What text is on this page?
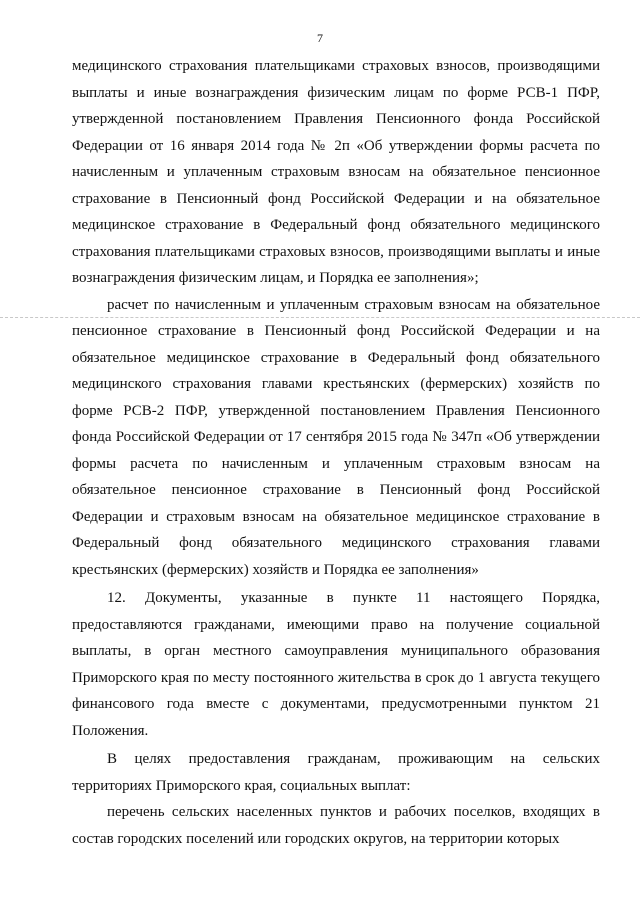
7

медицинского страхования плательщиками страховых взносов, производящими выплаты и иные вознаграждения физическим лицам по форме РСВ-1 ПФР, утвержденной постановлением Правления Пенсионного фонда Российской Федерации от 16 января 2014 года № 2п «Об утверждении формы расчета по начисленным и уплаченным страховым взносам на обязательное пенсионное страхование в Пенсионный фонд Российской Федерации и на обязательное медицинское страхование в Федеральный фонд обязательного медицинского страхования плательщиками страховых взносов, производящими выплаты и иные вознаграждения физическим лицам, и Порядка ее заполнения»;

расчет по начисленным и уплаченным страховым взносам на обязательное пенсионное страхование в Пенсионный фонд Российской Федерации и на обязательное медицинское страхование в Федеральный фонд обязательного медицинского страхования главами крестьянских (фермерских) хозяйств по форме РСВ-2 ПФР, утвержденной постановлением Правления Пенсионного фонда Российской Федерации от 17 сентября 2015 года № 347п «Об утверждении формы расчета по начисленным и уплаченным страховым взносам на обязательное пенсионное страхование в Пенсионный фонд Российской Федерации и страховым взносам на обязательное медицинское страхование в Федеральный фонд обязательного медицинского страхования главами крестьянских (фермерских) хозяйств и Порядка ее заполнения»

12. Документы, указанные в пункте 11 настоящего Порядка, предоставляются гражданами, имеющими право на получение социальной выплаты, в орган местного самоуправления муниципального образования Приморского края по месту постоянного жительства в срок до 1 августа текущего финансового года вместе с документами, предусмотренными пунктом 21 Положения.

В целях предоставления гражданам, проживающим на сельских территориях Приморского края, социальных выплат:

перечень сельских населенных пунктов и рабочих поселков, входящих в состав городских поселений или городских округов, на территории которых
